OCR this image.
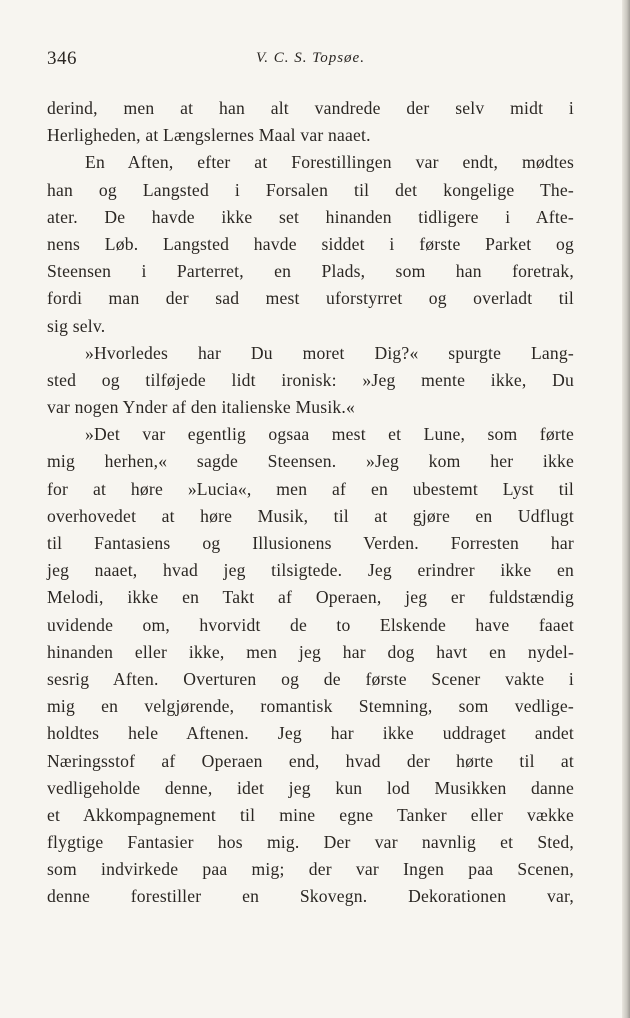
346	V. C. S. Topsøe.
derind, men at han alt vandrede der selv midt i
Herligheden, at Længslernes Maal var naaet.
En Aften, efter at Forestillingen var endt, mødtes
han og Langsted i Forsalen til det kongelige The-
ater. De havde ikke set hinanden tidligere i Afte-
nens Løb. Langsted havde siddet i første Parket og
Steensen i Parterret, en Plads, som han foretrak,
fordi man der sad mest uforstyrret og overladt til
sig selv.
»Hvorledes har Du moret Dig?« spurgte Lang-
sted og tilføjede lidt ironisk: »Jeg mente ikke, Du
var nogen Ynder af den italienske Musik.«
»Det var egentlig ogsaa mest et Lune, som førte
mig herhen,« sagde Steensen. »Jeg kom her ikke
for at høre »Lucia«, men af en ubestemt Lyst til
overhovedet at høre Musik, til at gjøre en Udflugt
til Fantasiens og Illusionens Verden. Forresten har
jeg naaet, hvad jeg tilsigtede. Jeg erindrer ikke en
Melodi, ikke en Takt af Operaen, jeg er fuldstændig
uvidende om, hvorvidt de to Elskende have faaet
hinanden eller ikke, men jeg har dog havt en nydel-
sesrig Aften. Overturen og de første Scener vakte i
mig en velgjørende, romantisk Stemning, som vedlige-
holdtes hele Aftenen. Jeg har ikke uddraget andet
Næringsstof af Operaen end, hvad der hørte til at
vedligeholde denne, idet jeg kun lod Musikken danne
et Akkompagnement til mine egne Tanker eller vække
flygtige Fantasier hos mig. Der var navnlig et Sted,
som indvirkede paa mig; der var Ingen paa Scenen,
denne forestiller en Skovegn. Dekorationen var,
